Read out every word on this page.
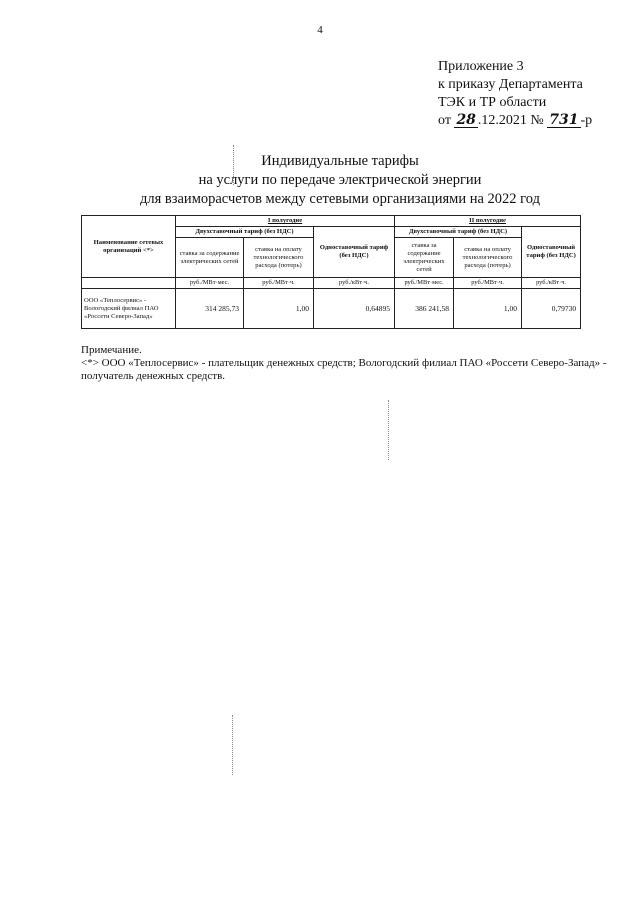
4
Приложение 3
к приказу Департамента
ТЭК и ТР области
от 28 .12.2021 № 731 -р
Индивидуальные тарифы
на услуги по передаче электрической энергии
для взаиморасчетов между сетевыми организациями на 2022 год
Наименование сетевых организаций <*>	I полугодие			II полугодие		
	Двухставочный тариф (без НДС)		Одноставочный тариф (без НДС)	Двухставочный тариф (без НДС)		Одноставочный тариф (без НДС)
	ставка за содержание электрических сетей	ставка на оплату технологического расхода (потерь)		ставка за содержание электрических сетей	ставка на оплату технологического расхода (потерь)	
	руб./МВт·мес.	руб./МВт·ч.	руб./кВт·ч.	руб./МВт·мес.	руб./МВт·ч.	руб./кВт·ч.
ООО «Теплосервис» - Вологодский филиал ПАО «Россети Северо-Запад»	314 285,73	1,00	0,64895	386 241,58	1,00	0,79730
Примечание.
<*> ООО «Теплосервис» - плательщик денежных средств; Вологодский филиал ПАО «Россети Северо-Запад» - получатель денежных средств.
